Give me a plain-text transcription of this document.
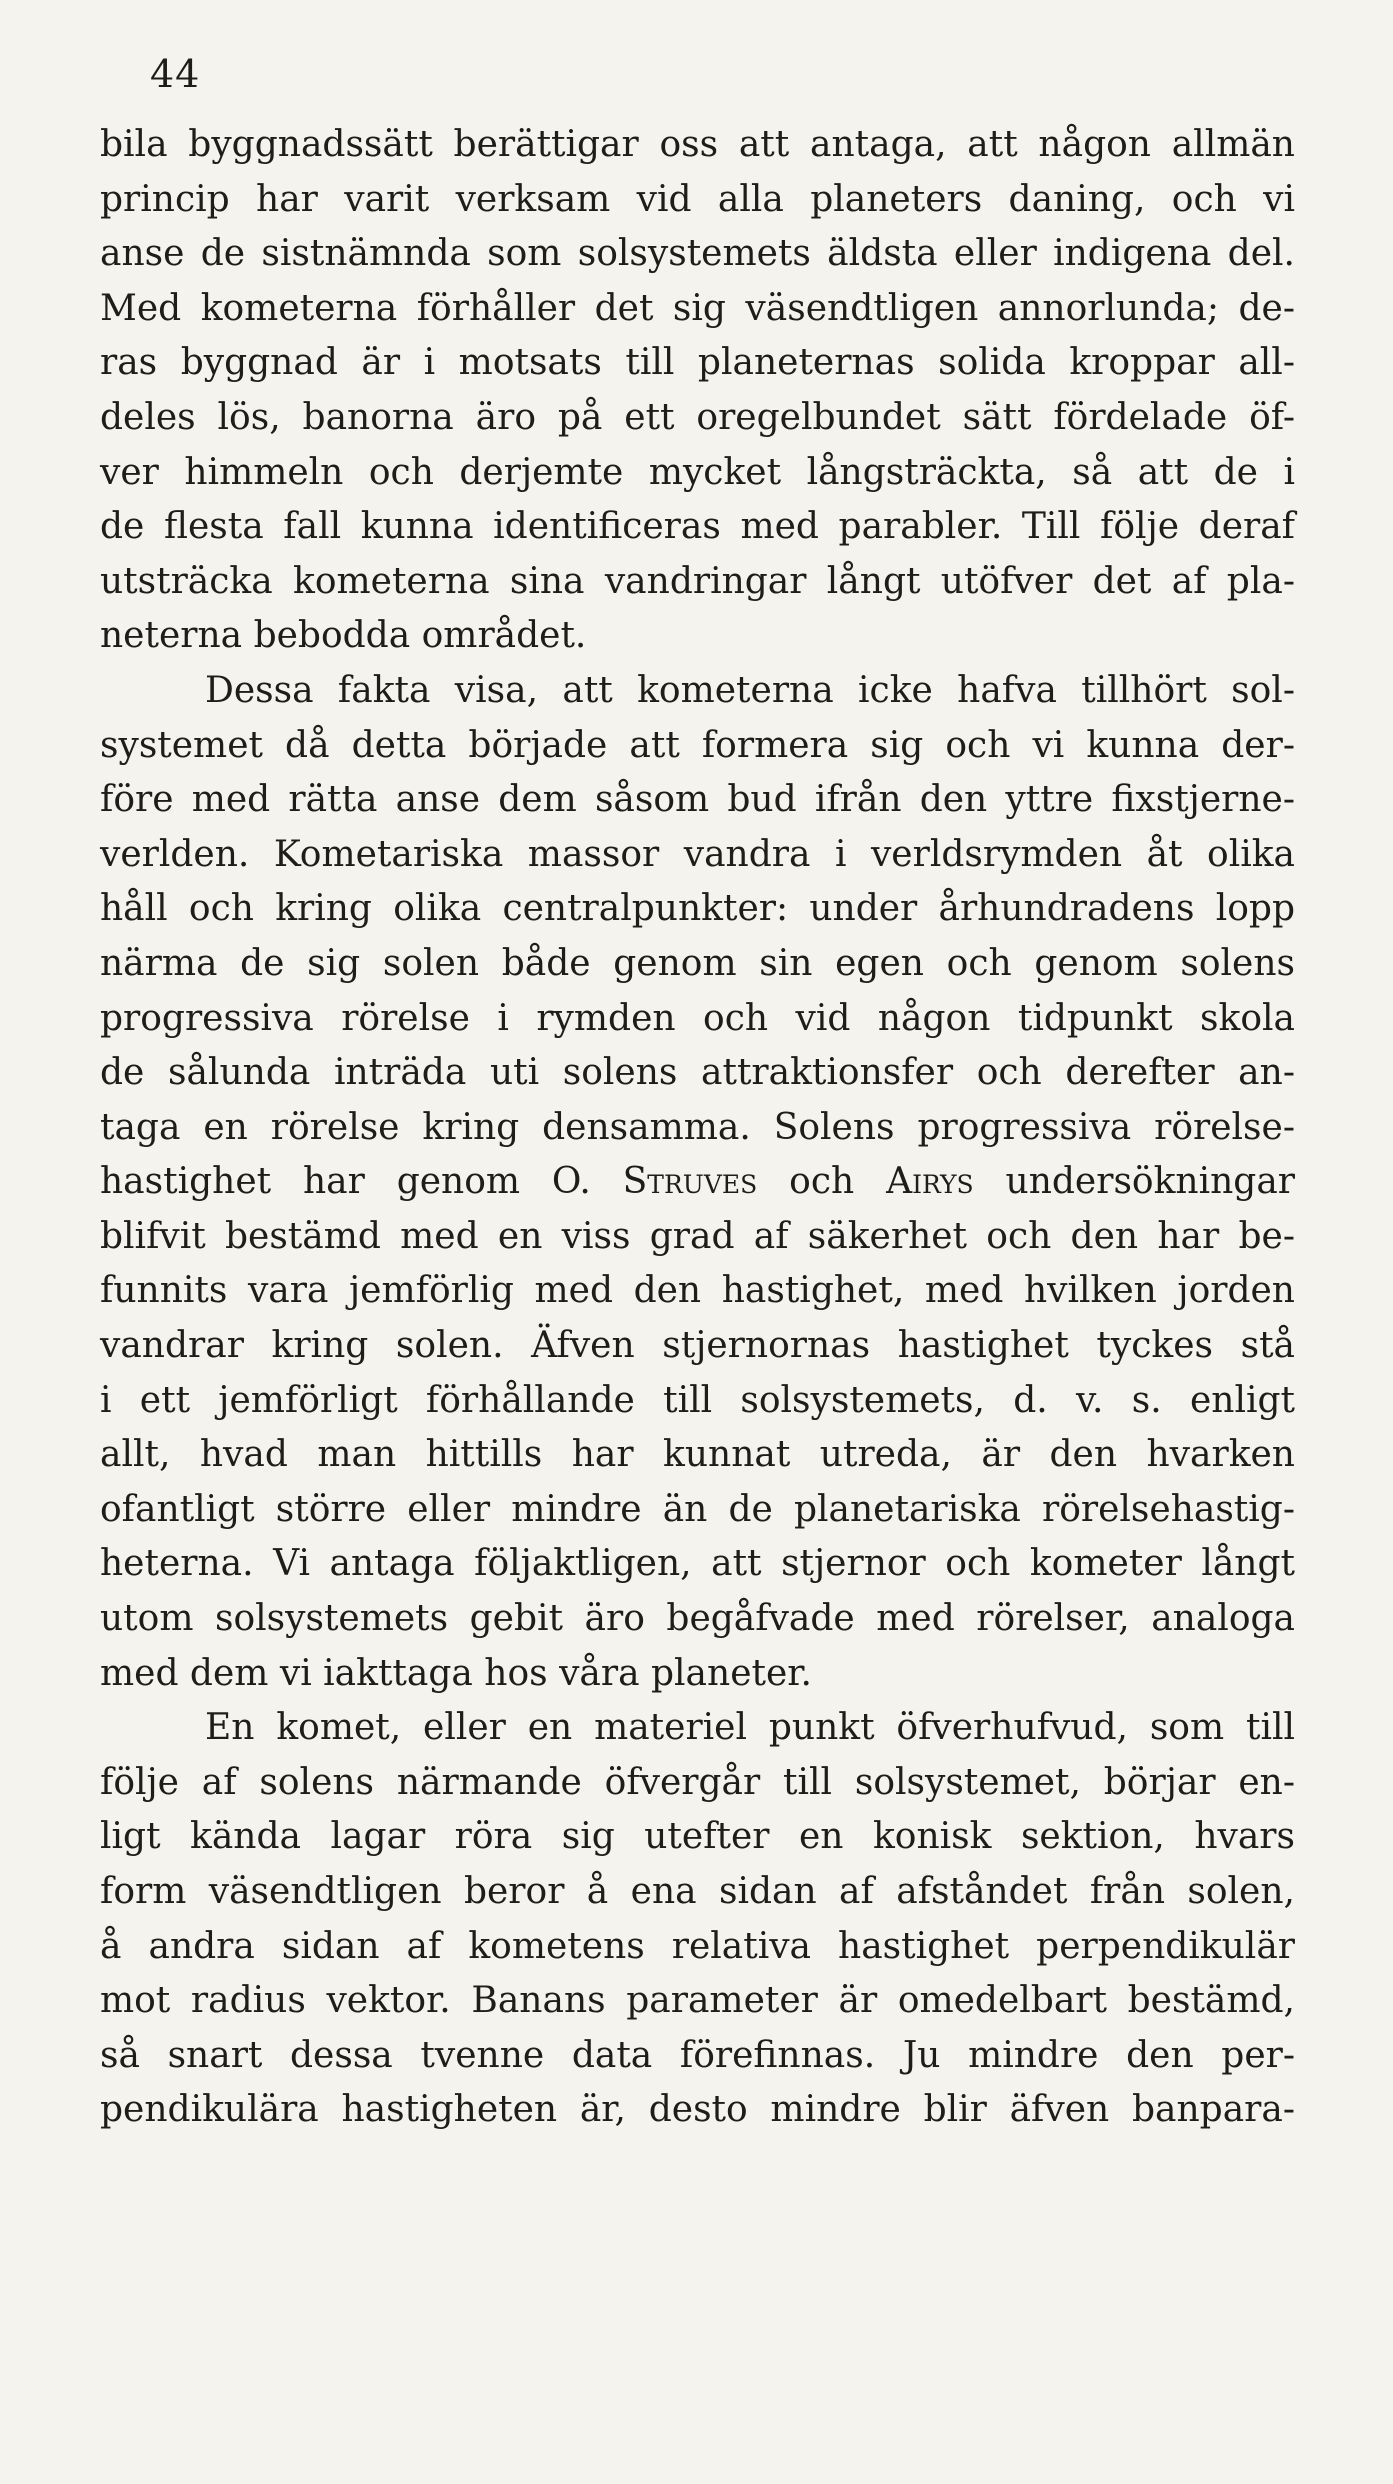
44
bila byggnadssätt berättigar oss att antaga, att någon allmän
princip har varit verksam vid alla planeters daning, och vi
anse de sistnämnda som solsystemets äldsta eller indigena del.
Med kometerna förhåller det sig väsendtligen annorlunda; de-
ras byggnad är i motsats till planeternas solida kroppar all-
deles lös, banorna äro på ett oregelbundet sätt fördelade öf-
ver himmeln och derjemte mycket långsträckta, så att de i
de flesta fall kunna identificeras med parabler. Till följe deraf
utsträcka kometerna sina vandringar långt utöfver det af pla-
neterna bebodda området.
Dessa fakta visa, att kometerna icke hafva tillhört sol-
systemet då detta började att formera sig och vi kunna der-
före med rätta anse dem såsom bud ifrån den yttre fixstjerne-
verlden. Kometariska massor vandra i verldsrymden åt olika
håll och kring olika centralpunkter: under århundradens lopp
närma de sig solen både genom sin egen och genom solens
progressiva rörelse i rymden och vid någon tidpunkt skola
de sålunda inträda uti solens attraktionsfer och derefter an-
taga en rörelse kring densamma. Solens progressiva rörelse-
hastighet har genom O. Struves och Airys undersökningar
blifvit bestämd med en viss grad af säkerhet och den har be-
funnits vara jemförlig med den hastighet, med hvilken jorden
vandrar kring solen. Äfven stjernornas hastighet tyckes stå
i ett jemförligt förhållande till solsystemets, d. v. s. enligt
allt, hvad man hittills har kunnat utreda, är den hvarken
ofantligt större eller mindre än de planetariska rörelsehastig-
heterna. Vi antaga följaktligen, att stjernor och kometer långt
utom solsystemets gebit äro begåfvade med rörelser, analoga
med dem vi iakttaga hos våra planeter.
En komet, eller en materiel punkt öfverhufvud, som till
följe af solens närmande öfvergår till solsystemet, börjar en-
ligt kända lagar röra sig utefter en konisk sektion, hvars
form väsendtligen beror å ena sidan af afståndet från solen,
å andra sidan af kometens relativa hastighet perpendikulär
mot radius vektor. Banans parameter är omedelbart bestämd,
så snart dessa tvenne data förefinnas. Ju mindre den per-
pendikulära hastigheten är, desto mindre blir äfven banpara-
